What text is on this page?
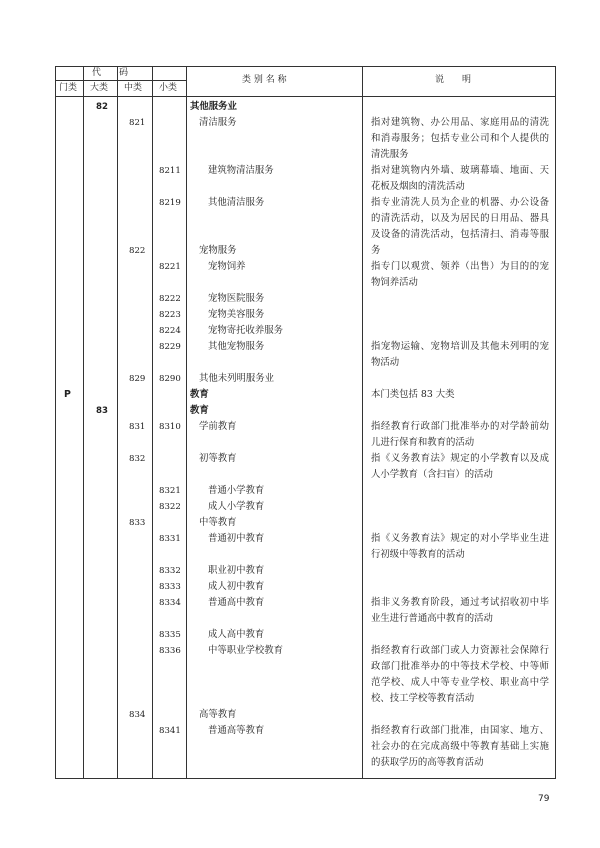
代　　码
门类 大类 中类 小类
类 别 名 称	说　　明
82	其他服务业
821	清洁服务	指对建筑物、办公用品、家庭用品的清洗和消毒服务；包括专业公司和个人提供的清洗服务
8211	建筑物清洁服务	指对建筑物内外墙、玻璃幕墙、地面、天花板及烟囱的清洗活动
8219	其他清洁服务	指专业清洗人员为企业的机器、办公设备的清洗活动，以及为居民的日用品、器具及设备的清洗活动，包括清扫、消毒等服务
822	宠物服务
8221	宠物饲养	指专门以观赏、领养（出售）为目的的宠物饲养活动
8222	宠物医院服务
8223	宠物美容服务
8224	宠物寄托收养服务
8229	其他宠物服务	指宠物运输、宠物培训及其他未列明的宠物活动
829 8290 其他未列明服务业
P	教育	本门类包括 83 大类
83	教育
831 8310 学前教育	指经教育行政部门批准举办的对学龄前幼儿进行保育和教育的活动
832	初等教育	指《义务教育法》规定的小学教育以及成人小学教育（含扫盲）的活动
8321	普通小学教育
8322	成人小学教育
833	中等教育
8331	普通初中教育	指《义务教育法》规定的对小学毕业生进行初级中等教育的活动
8332	职业初中教育
8333	成人初中教育
8334	普通高中教育	指非义务教育阶段，通过考试招收初中毕业生进行普通高中教育的活动
8335	成人高中教育
8336	中等职业学校教育	指经教育行政部门或人力资源社会保障行政部门批准举办的中等技术学校、中等师范学校、成人中等专业学校、职业高中学校、技工学校等教育活动
834	高等教育
8341	普通高等教育	指经教育行政部门批准，由国家、地方、社会办的在完成高级中等教育基础上实施的获取学历的高等教育活动
79
